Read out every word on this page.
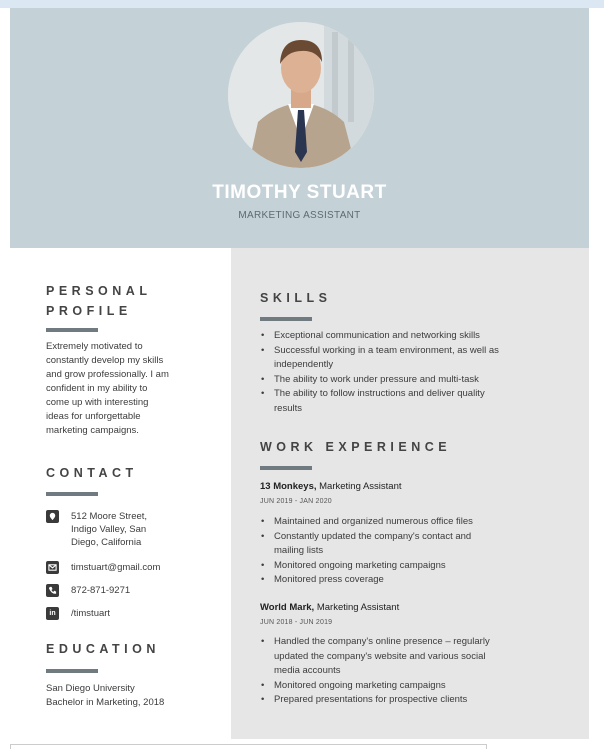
TIMOTHY STUART
MARKETING ASSISTANT
PERSONAL
PROFILE
Extremely motivated to
constantly develop my skills
and grow professionally. I am
confident in my ability to
come up with interesting
ideas for unforgettable
marketing campaigns.
CONTACT
512 Moore Street,
Indigo Valley, San
Diego, California
timstuart@gmail.com
872-871-9271
in	/timstuart
EDUCATION
San Diego University
Bachelor in Marketing, 2018
SKILLS
• Exceptional communication and networking skills
• Successful working in a team environment, as well as
independently
• The ability to work under pressure and multi-task
• The ability to follow instructions and deliver quality
results
WORK EXPERIENCE
13 Monkeys, Marketing Assistant
JUN 2019 - JAN 2020
• Maintained and organized numerous office files
• Constantly updated the company's contact and
mailing lists
• Monitored ongoing marketing campaigns
• Monitored press coverage
World Mark, Marketing Assistant
JUN 2018 - JUN 2019
• Handled the company's online presence – regularly
updated the company's website and various social
media accounts
• Monitored ongoing marketing campaigns
• Prepared presentations for prospective clients
